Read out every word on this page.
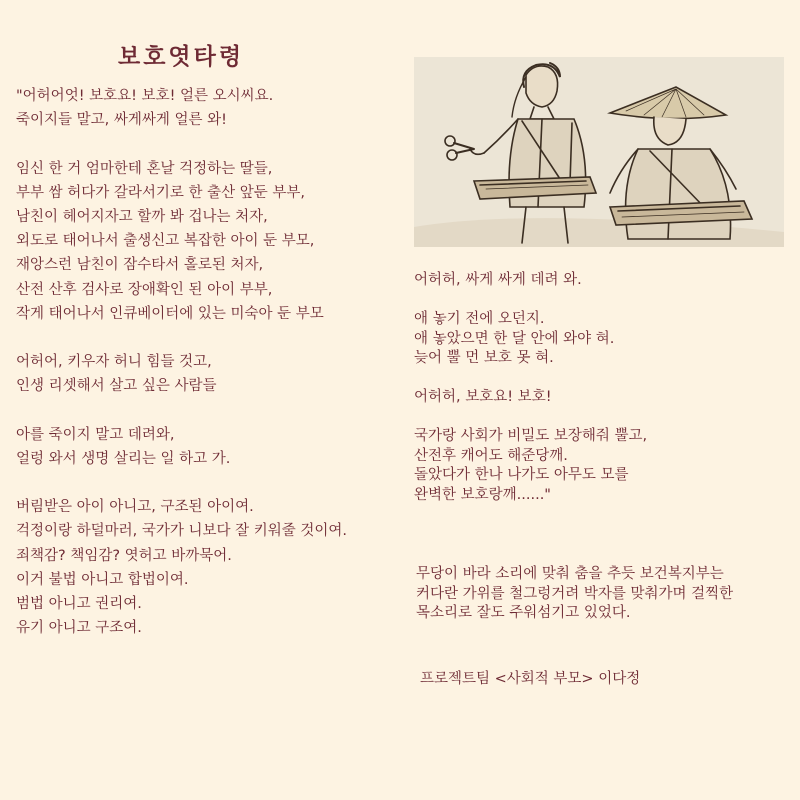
보호엿타령
"어허어엇! 보호요! 보호! 얼른 오시씨요.
죽이지들 말고, 싸게싸게 얼른 와!
임신 한 거 엄마한테 혼날 걱정하는 딸들,
부부 쌈 허다가 갈라서기로 한 출산 앞둔 부부,
남친이 헤어지자고 할까 봐 겁나는 처자,
외도로 태어나서 출생신고 복잡한 아이 둔 부모,
재앙스런 남친이 잠수타서 홀로된 처자,
산전 산후 검사로 장애확인 된 아이 부부,
작게 태어나서 인큐베이터에 있는 미숙아 둔 부모
어허어, 키우자 허니 힘들 것고,
인생 리셋해서 살고 싶은 사람들
아를 죽이지 말고 데려와,
얼렁 와서 생명 살리는 일 하고 가.
버림받은 아이 아니고, 구조된 아이여.
걱정이랑 하덜마러, 국가가 니보다 잘 키워줄 것이여.
죄책감? 책임감? 엿허고 바까묵어.
이거 불법 아니고 합법이여.
범법 아니고 권리여.
유기 아니고 구조여.
어허허, 싸게 싸게 데려 와.
애 놓기 전에 오던지.
애 놓았으면 한 달 안에 와야 혀.
늦어 뿔 먼 보호 못 혀.
어허허, 보호요! 보호!
국가랑 사회가 비밀도 보장해줘 뿔고,
산전후 캐어도 해준당깨.
돌았다가 한나 나가도 아무도 모를
완벽한 보호랑깨......"
무당이 바라 소리에 맞춰 춤을 추듯 보건복지부는
커다란 가위를 철그렁거려 박자를 맞춰가며 걸찍한
목소리로 잘도 주워섬기고 있었다.
프로젝트팀 <사회적 부모> 이다정
